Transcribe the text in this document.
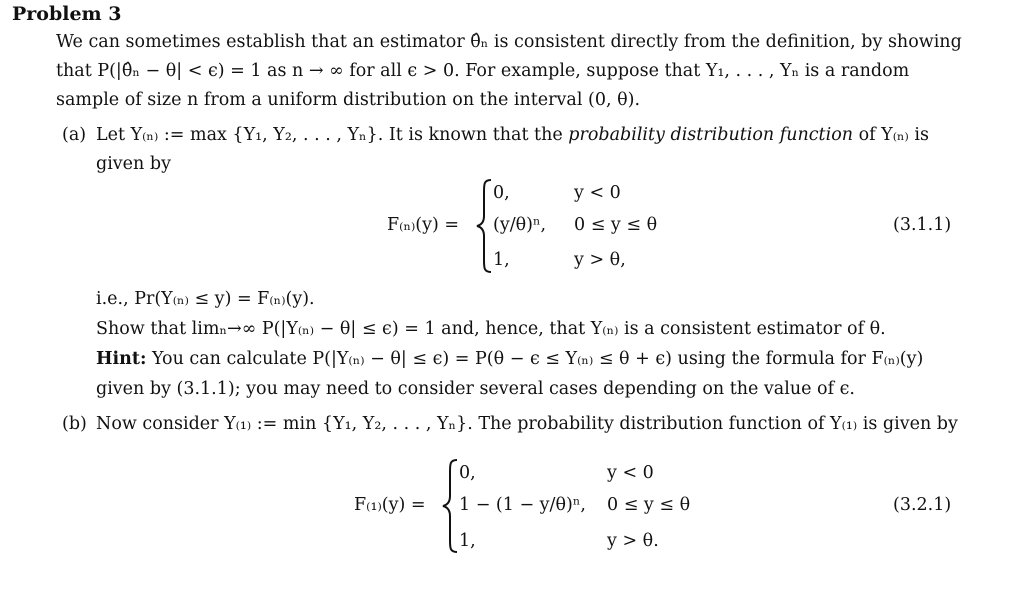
Problem 3
We can sometimes establish that an estimator θ̂ₙ is consistent directly from the definition, by showing
that P(|θ̂ₙ − θ| < ϵ) = 1 as n → ∞ for all ϵ > 0. For example, suppose that Y₁, . . . , Yₙ is a random
sample of size n from a uniform distribution on the interval (0, θ).
(a) Let Y₍ₙ₎ := max {Y₁, Y₂, . . . , Yₙ}. It is known that the probability distribution function of Y₍ₙ₎ is
given by
F₍ₙ₎(y) =
0,	y < 0
(y/θ)ⁿ, 0 ≤ y ≤ θ
1,	y > θ,
(3.1.1)
i.e., Pr(Y₍ₙ₎ ≤ y) = F₍ₙ₎(y).
Show that limₙ→∞ P(|Y₍ₙ₎ − θ| ≤ ϵ) = 1 and, hence, that Y₍ₙ₎ is a consistent estimator of θ.
Hint: You can calculate P(|Y₍ₙ₎ − θ| ≤ ϵ) = P(θ − ϵ ≤ Y₍ₙ₎ ≤ θ + ϵ) using the formula for F₍ₙ₎(y)
given by (3.1.1); you may need to consider several cases depending on the value of ϵ.
(b) Now consider Y₍₁₎ := min {Y₁, Y₂, . . . , Yₙ}. The probability distribution function of Y₍₁₎ is given by
F₍₁₎(y) =
0,	y < 0
1 − (1 − y/θ)ⁿ, 0 ≤ y ≤ θ
1,	y > θ.
(3.2.1)
